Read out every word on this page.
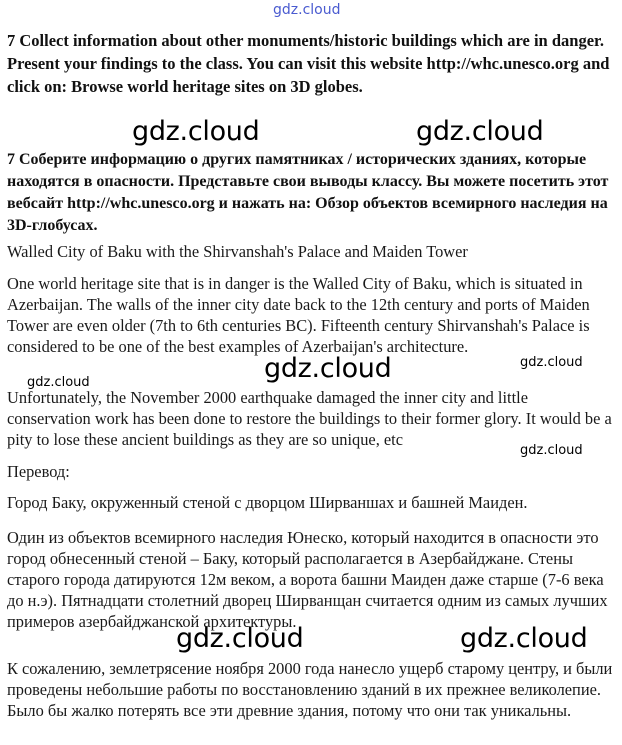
gdz.cloud
7 Collect information about other monuments/historic buildings which are in danger. Present your findings to the class. You can visit this website http://whc.unesco.org and click on: Browse world heritage sites on 3D globes.
gdz.cloud	gdz.cloud
7 Соберите информацию о других памятниках / исторических зданиях, которые находятся в опасности. Представьте свои выводы классу. Вы можете посетить этот вебсайт http://whc.unesco.org и нажать на: Обзор объектов всемирного наследия на 3D-глобусах.
Walled City of Baku with the Shirvanshah's Palace and Maiden Tower
One world heritage site that is in danger is the Walled City of Baku, which is situated in Azerbaijan. The walls of the inner city date back to the 12th century and ports of Maiden Tower are even older (7th to 6th centuries BC). Fifteenth century Shirvanshah's Palace is considered to be one of the best examples of Azerbaijan's architecture.
gdz.cloud
gdz.cloud
gdz.cloud
Unfortunately, the November 2000 earthquake damaged the inner city and little conservation work has been done to restore the buildings to their former glory. It would be a pity to lose these ancient buildings as they are so unique, etc
gdz.cloud
Перевод:
Город Баку, окруженный стеной с дворцом Ширваншах и башней Маиден.
Один из объектов всемирного наследия Юнеско, который находится в опасности это город обнесенный стеной – Баку, который располагается в Азербайджане. Стены старого города датируются 12м веком, а ворота башни Маиден даже старше (7-6 века до н.э). Пятнадцати столетний дворец Ширванщан считается одним из самых лучших примеров азербайджанской архитектуры.
gdz.cloud	gdz.cloud
К сожалению, землетрясение ноября 2000 года нанесло ущерб старому центру, и были проведены небольшие работы по восстановлению зданий в их прежнее великолепие. Было бы жалко потерять все эти древние здания, потому что они так уникальны.
